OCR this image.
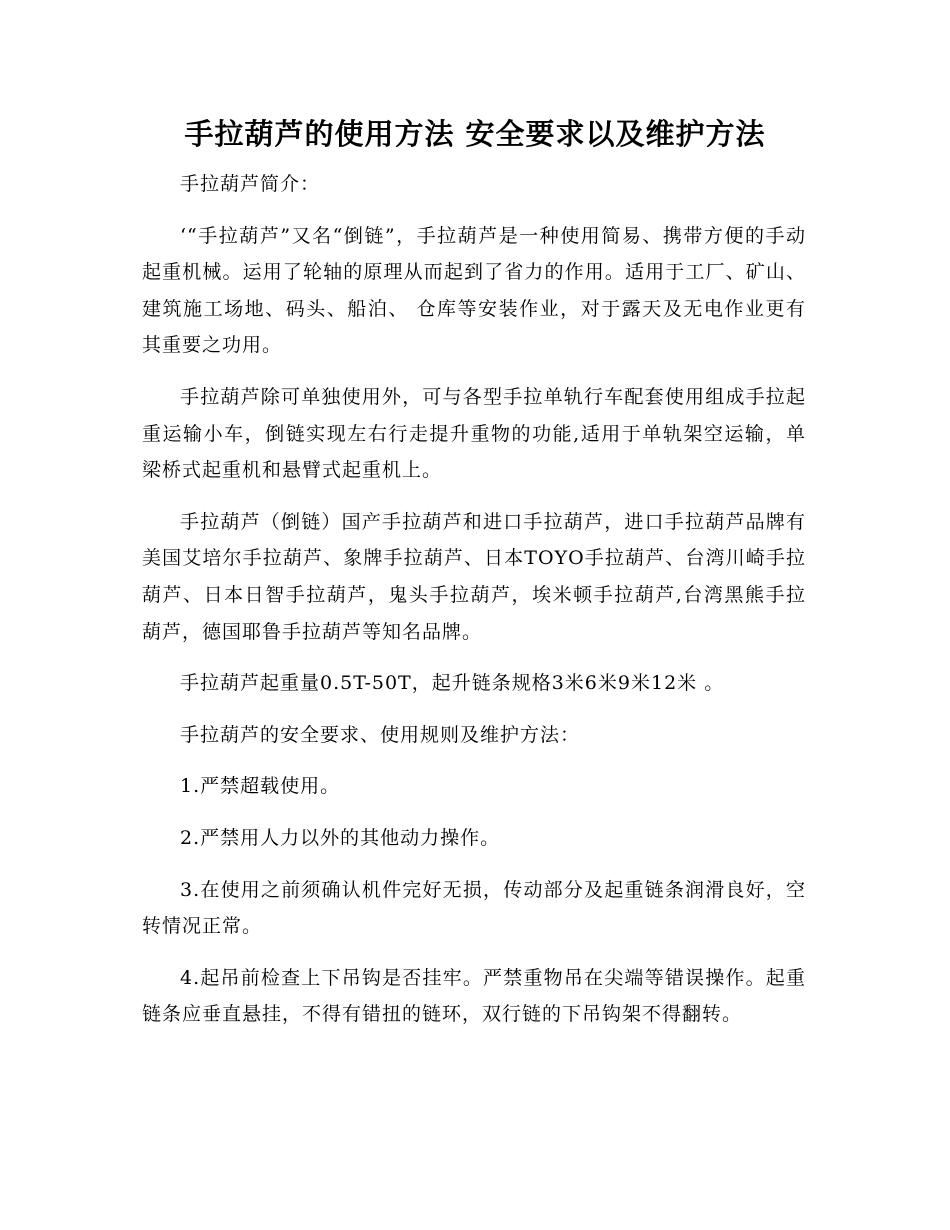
手拉葫芦的使用方法 安全要求以及维护方法

手拉葫芦简介：

‘“手拉葫芦”又名“倒链”，手拉葫芦是一种使用简易、携带方便的手动起重机械。运用了轮轴的原理从而起到了省力的作用。适用于工厂、矿山、建筑施工场地、码头、船泊、 仓库等安装作业，对于露天及无电作业更有其重要之功用。

手拉葫芦除可单独使用外，可与各型手拉单轨行车配套使用组成手拉起重运输小车，倒链实现左右行走提升重物的功能,适用于单轨架空运输，单梁桥式起重机和悬臂式起重机上。

手拉葫芦（倒链）国产手拉葫芦和进口手拉葫芦，进口手拉葫芦品牌有美国艾培尔手拉葫芦、象牌手拉葫芦、日本TOYO手拉葫芦、台湾川崎手拉葫芦、日本日智手拉葫芦，鬼头手拉葫芦，埃米顿手拉葫芦,台湾黑熊手拉葫芦，德国耶鲁手拉葫芦等知名品牌。

手拉葫芦起重量0.5T-50T，起升链条规格3米6米9米12米 。

手拉葫芦的安全要求、使用规则及维护方法：

1.严禁超载使用。

2.严禁用人力以外的其他动力操作。

3.在使用之前须确认机件完好无损，传动部分及起重链条润滑良好，空转情况正常。

4.起吊前检查上下吊钩是否挂牢。严禁重物吊在尖端等错误操作。起重链条应垂直悬挂，不得有错扭的链环，双行链的下吊钩架不得翻转。
